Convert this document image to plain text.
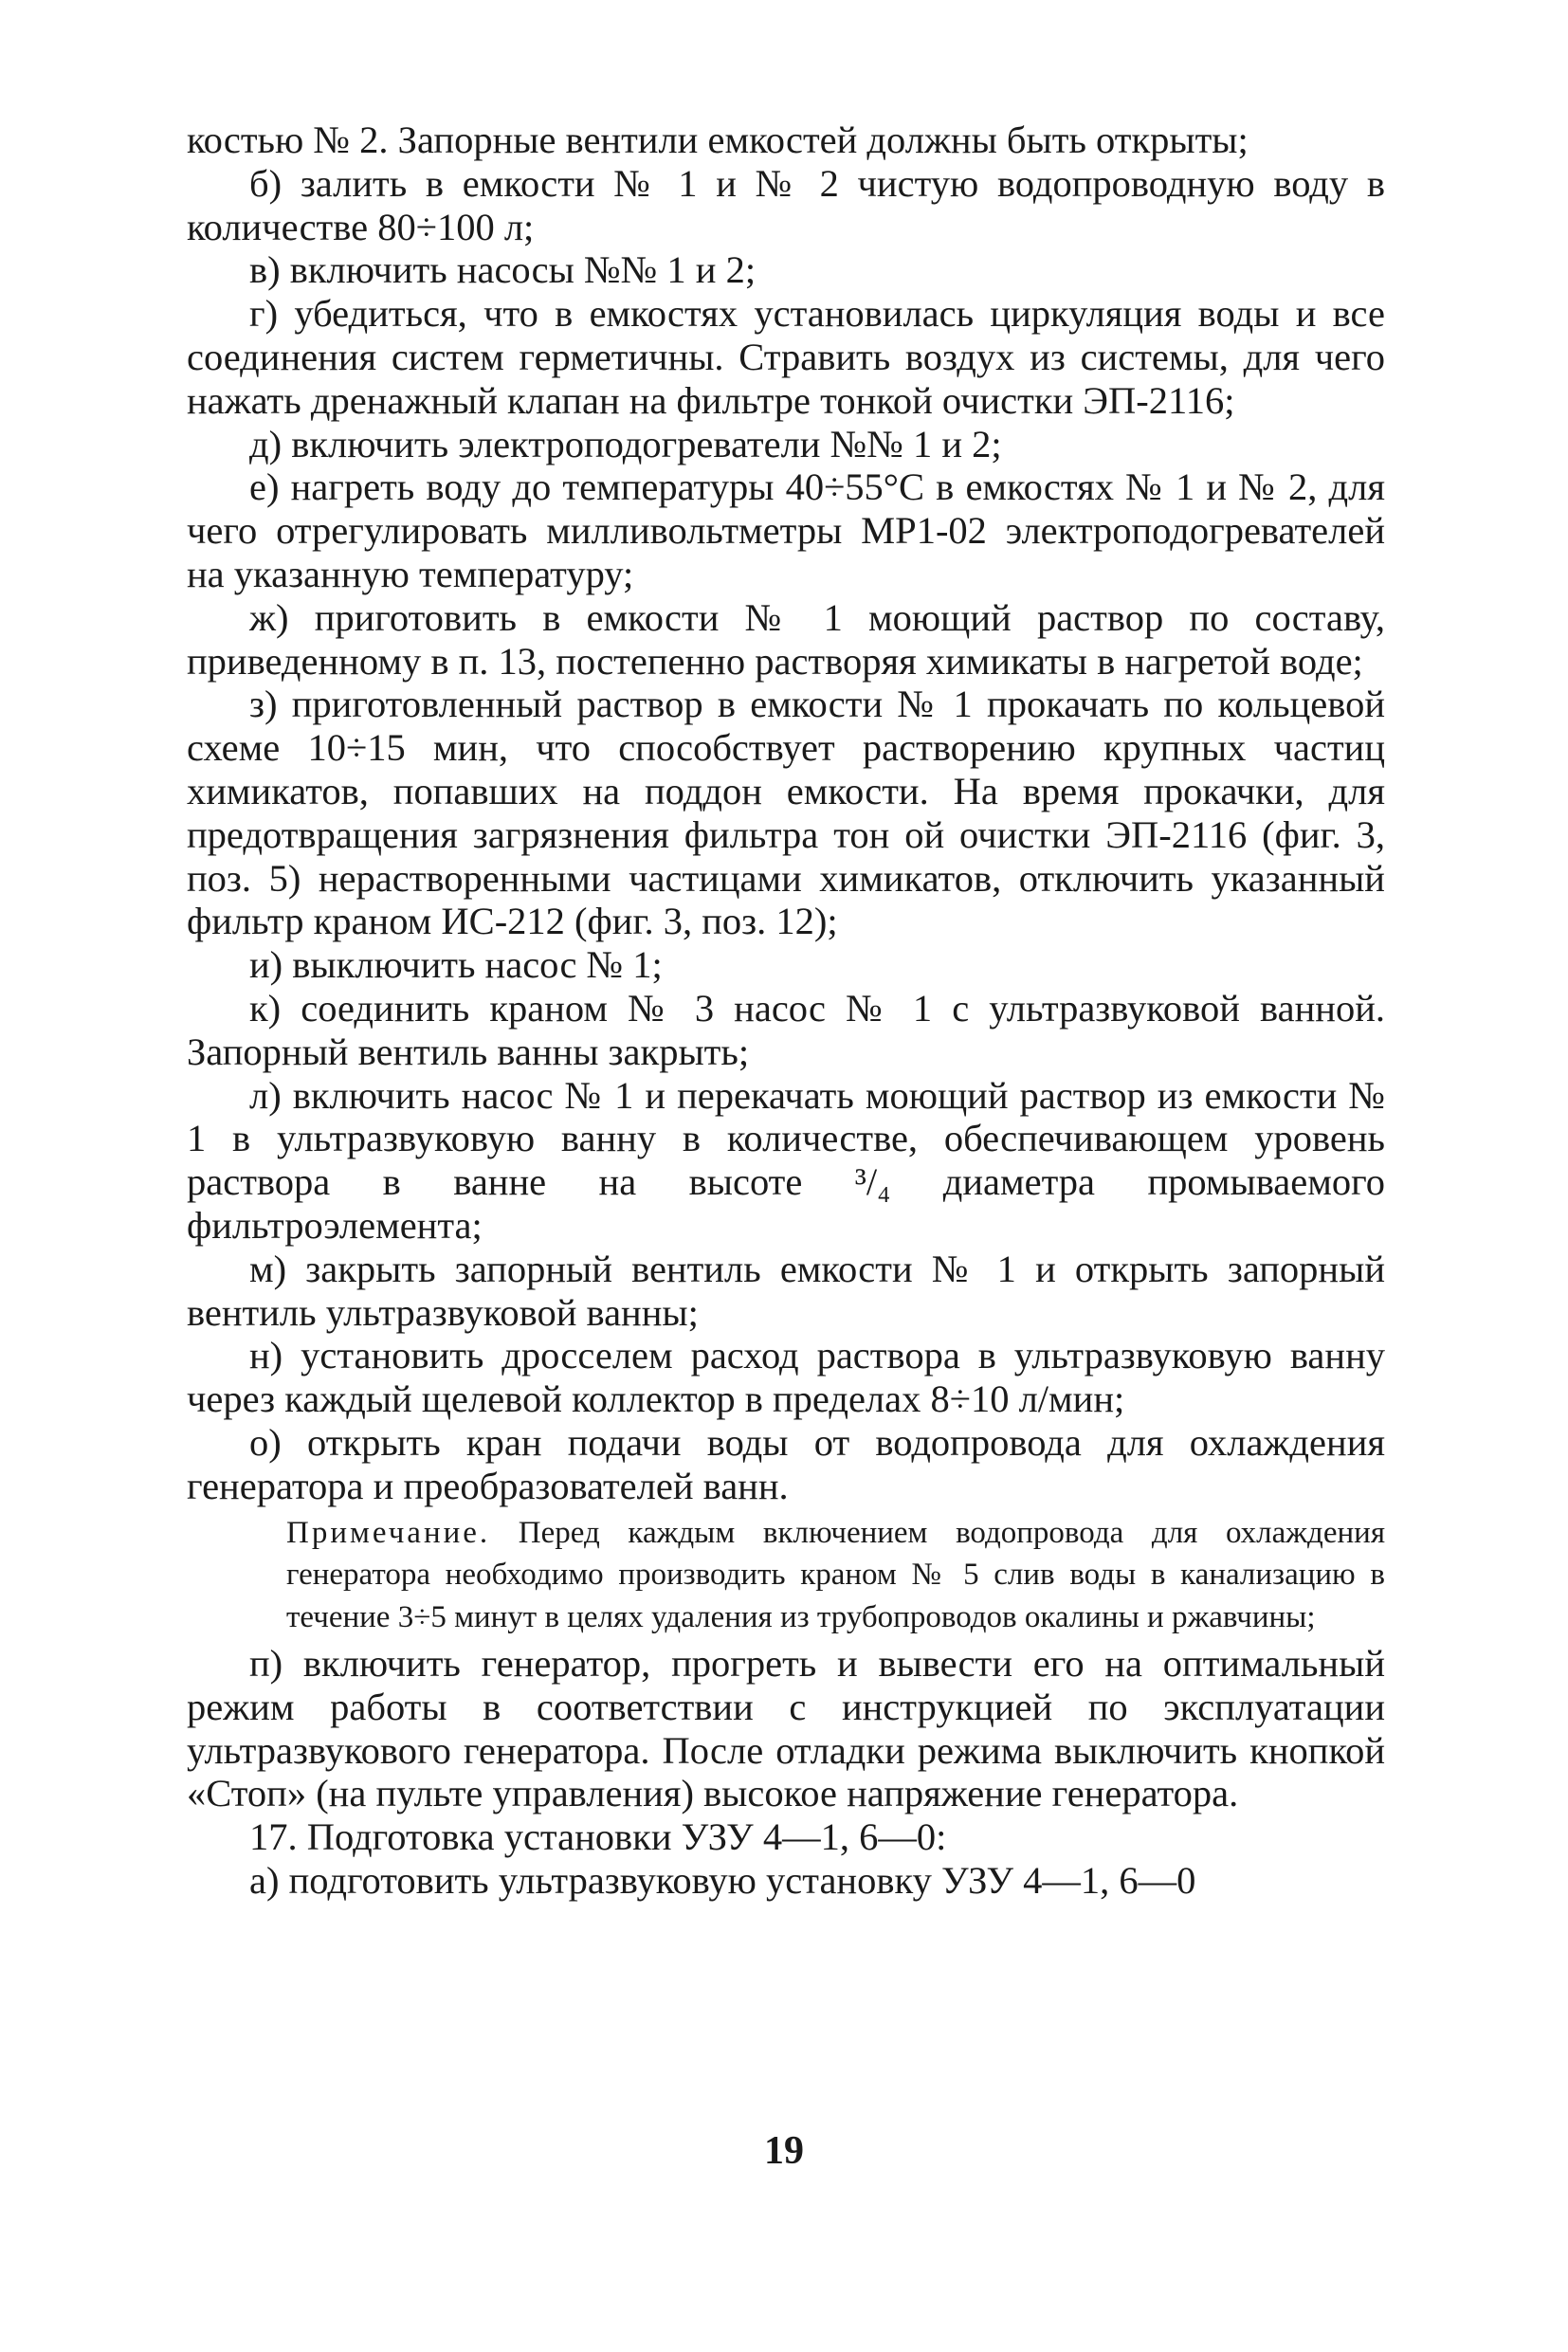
костью № 2. Запорные вентили емкостей должны быть открыты;

б) залить в емкости № 1 и № 2 чистую водопроводную воду в количестве 80÷100 л;

в) включить насосы №№ 1 и 2;

г) убедиться, что в емкостях установилась циркуляция воды и все соединения систем герметичны. Стравить воздух из системы, для чего нажать дренажный клапан на фильтре тонкой очистки ЭП-2116;

д) включить электроподогреватели №№ 1 и 2;

е) нагреть воду до температуры 40÷55°C в емкостях № 1 и № 2, для чего отрегулировать милливольтметры МР1-02 электроподогревателей на указанную температуру;

ж) приготовить в емкости № 1 моющий раствор по составу, приведенному в п. 13, постепенно растворяя химикаты в нагретой воде;

з) приготовленный раствор в емкости № 1 прокачать по кольцевой схеме 10÷15 мин, что способствует растворению крупных частиц химикатов, попавших на поддон емкости. На время прокачки, для предотвращения загрязнения фильтра тон ой очистки ЭП-2116 (фиг. 3, поз. 5) нерастворенными частицами химикатов, отключить указанный фильтр краном ИС-212 (фиг. 3, поз. 12);

и) выключить насос № 1;

к) соединить краном № 3 насос № 1 с ультразвуковой ванной. Запорный вентиль ванны закрыть;

л) включить насос № 1 и перекачать моющий раствор из емкости № 1 в ультразвуковую ванну в количестве, обеспечивающем уровень раствора в ванне на высоте ³/₄ диаметра промываемого фильтроэлемента;

м) закрыть запорный вентиль емкости № 1 и открыть запорный вентиль ультразвуковой ванны;

н) установить дросселем расход раствора в ультразвуковую ванну через каждый щелевой коллектор в пределах 8÷10 л/мин;

о) открыть кран подачи воды от водопровода для охлаждения генератора и преобразователей ванн.

Примечание. Перед каждым включением водопровода для охлаждения генератора необходимо производить краном № 5 слив воды в канализацию в течение 3÷5 минут в целях удаления из трубопроводов окалины и ржавчины;

п) включить генератор, прогреть и вывести его на оптимальный режим работы в соответствии с инструкцией по эксплуатации ультразвукового генератора. После отладки режима выключить кнопкой «Стоп» (на пульте управления) высокое напряжение генератора.

17. Подготовка установки УЗУ 4—1, 6—0:

а) подготовить ультразвуковую установку УЗУ 4—1, 6—0

19
